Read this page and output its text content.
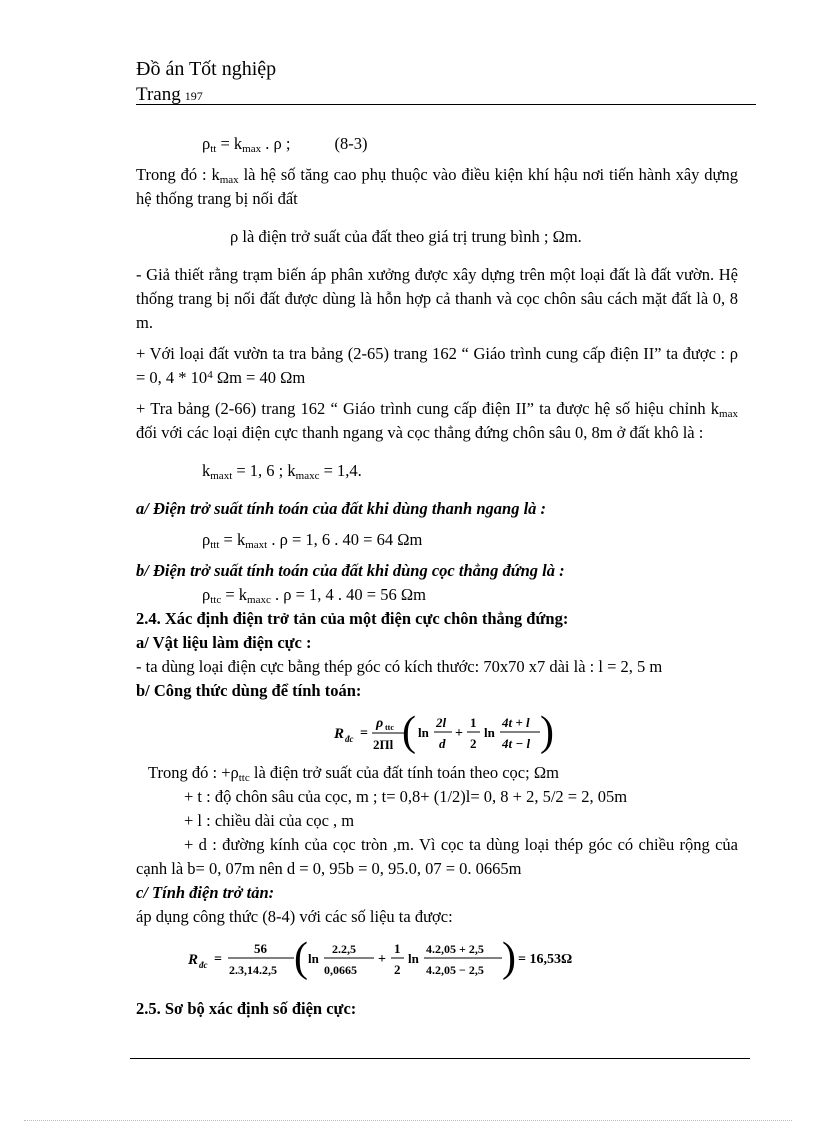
Đồ án Tốt nghiệp
Trang 197

$\rho_{tt} = k_{max}$ . ρ ;	(8-3)

Trong đó : $k_{max}$ là hệ số tăng cao phụ thuộc vào điều kiện khí hậu nơi tiến hành xây dựng hệ thống trang bị nối đất

ρ là điện trở suất của đất theo giá trị trung bình ; Ωm.

- Giả thiết rằng trạm biến áp phân xưởng được xây dựng trên một loại đất là đất vườn. Hệ thống trang bị nối đất được dùng là hỗn hợp cả thanh và cọc chôn sâu cách mặt đất là 0, 8 m.

+ Với loại đất vườn ta tra bảng (2-65) trang 162 “ Giáo trình cung cấp điện II” ta được : ρ = 0, $4 * 10^4$ Ωm = 40 Ωm

+ Tra bảng (2-66) trang 162 “ Giáo trình cung cấp điện II” ta được hệ số hiệu chỉnh $k_{max}$ đối với các loại điện cực thanh ngang và cọc thẳng đứng chôn sâu 0, 8m ở đất khô là :

$k_{maxt} = 1$, 6 ; $k_{maxc} = 1,4$.

a/ Điện trở suất tính toán của đất khi dùng thanh ngang là :

$\rho_{ttt} = k_{maxt}$ . ρ = 1, 6 . 40 = 64 Ωm

b/ Điện trở suất tính toán của đất khi dùng cọc thẳng đứng là :

$\rho_{ttc} = k_{maxc}$ . ρ = 1, 4 . 40 = 56 Ωm

2.4. Xác định điện trở tản của một điện cực chôn thẳng đứng:

a/ Vật liệu làm điện cực :

- ta dùng loại điện cực bằng thép góc có kích thước: 70x70 x7 dài là : l = 2, 5 m

b/ Công thức dùng để tính toán:

R đc =
ρ ttc
2Πl ( ln
2l
d
+
1
2
ln
4t + l
4t − l )

Trong đó : $+\rho_{ttc}$ là điện trở suất của đất tính toán theo cọc; Ωm

+ t : độ chôn sâu của cọc, m ; t= 0,8+ (1/2)l= 0, 8 + 2, 5/2 = 2, 05m

+ l : chiều dài của cọc , m

+ d : đường kính của cọc tròn ,m. Vì cọc ta dùng loại thép góc có chiều rộng của cạnh là b= 0, 07m nên d = 0, 95b = 0, 95.0, 07 = 0. 0665m

c/ Tính điện trở tản:

áp dụng công thức (8-4) với các số liệu ta được:

R đc =
56
2.3,14.2,5 ( ln
2.2,5
0,0665
+
1
2
ln
4.2,05 + 2,5
4.2,05 − 2,5 ) = 16,53Ω

2.5. Sơ bộ xác định số điện cực:
